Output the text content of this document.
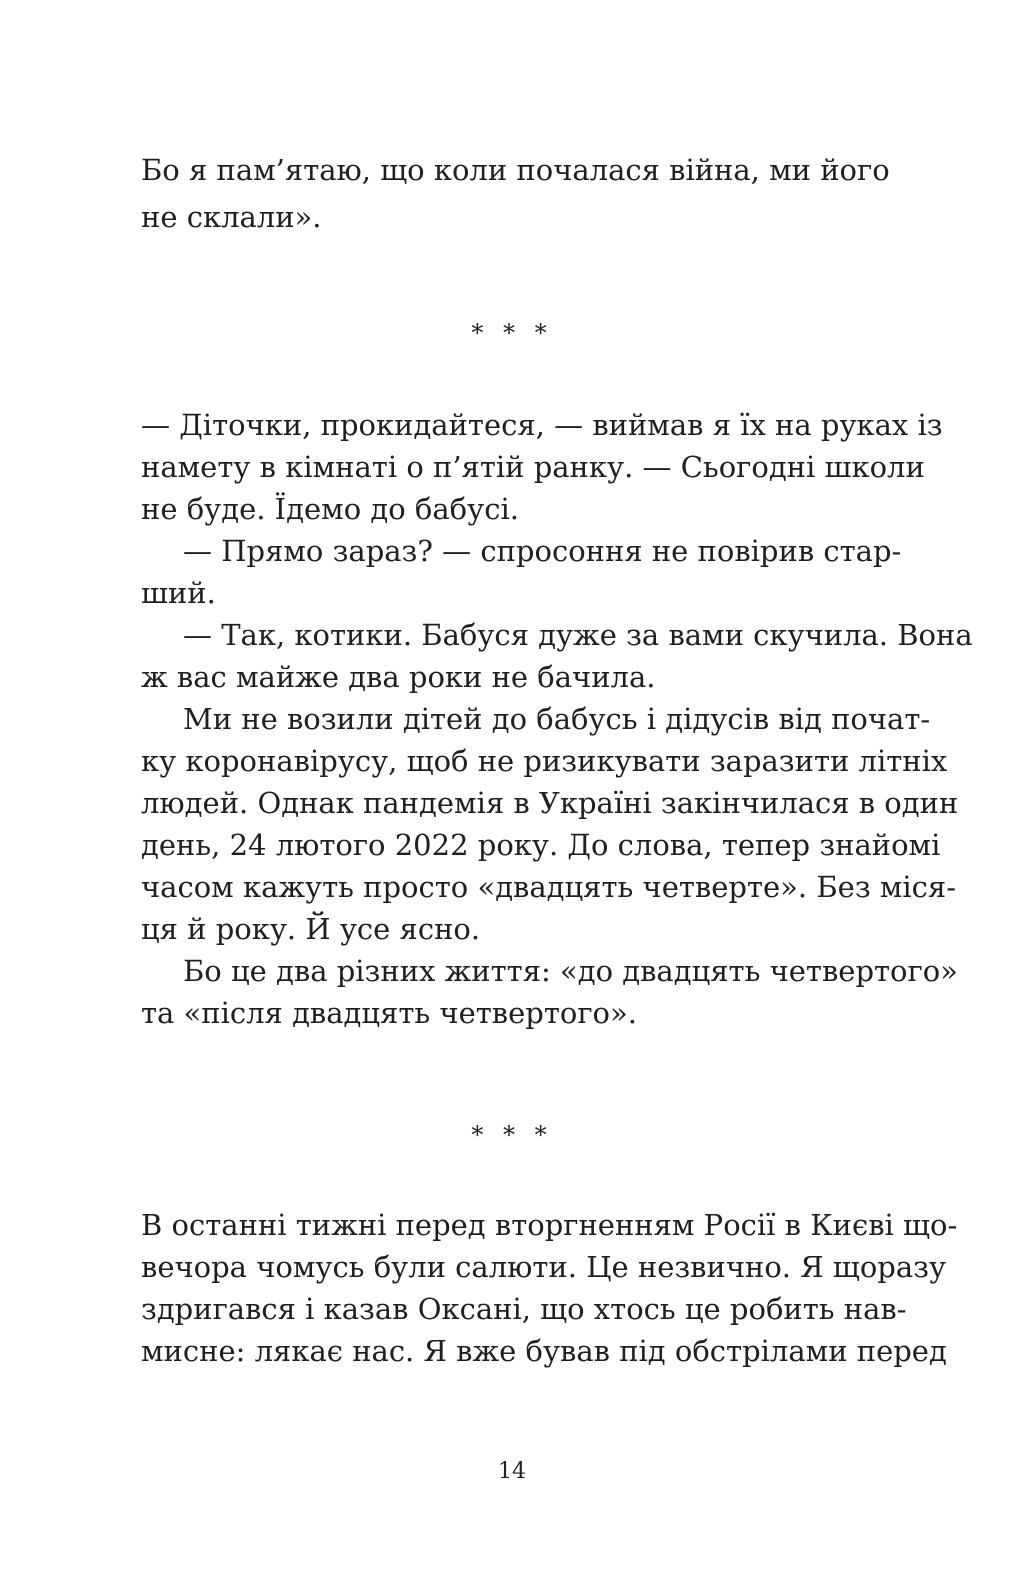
Бо я пам’ятаю, що коли почалася війна, ми його
не склали».
* * *
— Діточки, прокидайтеся, — виймав я їх на руках із
намету в кімнаті о п’ятій ранку. — Сьогодні школи
не буде. Їдемо до бабусі.
— Прямо зараз? — спросоння не повірив стар-
ший.
— Так, котики. Бабуся дуже за вами скучила. Вона
ж вас майже два роки не бачила.
Ми не возили дітей до бабусь і дідусів від почат-
ку коронавірусу, щоб не ризикувати заразити літніх
людей. Однак пандемія в Україні закінчилася в один
день, 24 лютого 2022 року. До слова, тепер знайомі
часом кажуть просто «двадцять четверте». Без міся-
ця й року. Й усе ясно.
Бо це два різних життя: «до двадцять четвертого»
та «після двадцять четвертого».
* * *
В останні тижні перед вторгненням Росії в Києві що-
вечора чомусь були салюти. Це незвично. Я щоразу
здригався і казав Оксані, що хтось це робить нав-
мисне: лякає нас. Я вже бував під обстрілами перед
14
